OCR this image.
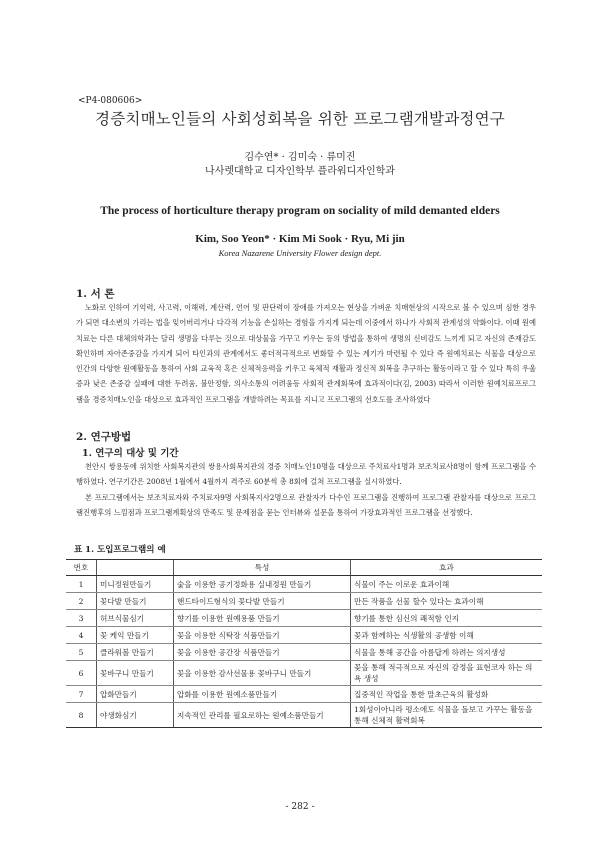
<P4-080606>
경증치매노인들의 사회성회복을 위한 프로그램개발과정연구
김수연* · 김미숙 · 류미진
나사렛대학교 디자인학부 플라워디자인학과
The process of horticulture therapy program on sociality of mild demanted elders
Kim, Soo Yeon* · Kim Mi Sook · Ryu, Mi jin
Korea Nazarene University Flower design dept.
1. 서 론

노화로 인하여 기억력, 사고력, 이해력, 계산력, 언어 및 판단력이 장애를 가져오는 현상을 가벼운 치매현상의 시작으로 볼 수 있으며 심한 경우가 되면 대소변의 가리는 법을 잊어버리거나 다각적 기능을 손실하는 경험을 가지게 되는데 이중에서 하나가 사회적 관계성의 약화이다. 이때 원예치료는 다른 대체의학과는 달리 생명을 다루는 것으로 대상물을 가꾸고 키우는 등의 방법을 통하여 생명의 신비감도 느끼게 되고 자신의 존재감도 확인하며 자아존중감을 가지게 되어 타인과의 관계에서도 좋더적극적으로 변화할 수 있는 계기가 마련될 수 있다 즉 원예치료는 식물을 대상으로 인간의 다양한 원예활동을 통하여 사회 교육적 혹은 신체적응력을 키우고 육체적 재활과 정신적 회복을 추구하는 활동이라고 할 수 있다 특히 우울증과 낮은 존중감 실패에 대한 두려움, 불안정함, 의사소통의 어려움등 사회적 관계회복에 효과적이다(김, 2003) 따라서 이러한 원예치료프로그램을 경증치매노인을 대상으로 효과적인 프로그램을 개발하려는 목표를 지니고 프로그램의 선호도를 조사하였다

2. 연구방법
1. 연구의 대상 및 기간

천안시 쌍용동에 위치한 사회복지관의 쌍용사회복지관의 경증 치매노인10명을 대상으로 주치료사1명과 보조치료사8명이 함께 프로그램을 수행하였다. 연구기간은 2008년 1월에서 4월까지 격주로 60분씩 총 8회에 걸쳐 프로그램을 실시하였다.

본 프로그램에서는 보조치료자와 주치료자9명 사회복지사2명으로 관찰자가 다수인 프로그램을 진행하여 프로그램 관찰자를 대상으로 프로그램진행후의 느낌점과 프로그램계획상의 만족도 및 문제점을 묻는 인터뷰와 설문을 통하여 가장효과적인 프로그램을 선정했다.

표 1. 도입프로그램의 예
번호		특성	효과
1	미니정원만들기	숯을 이용한 공기정화용 실내정원 만들기	식물이 주는 이로운 효과이해
2	꽃다발 만들기	핸드타이드형식의 꽃다발 만들기	만든 작품을 선물 할수 있다는 효과이해
3	허브식물심기	향기를 이용한 원예용품 만들기	향기를 통한 심신의 쾌적함 인지
4	꽃 케익 만들기	꽃을 이용한 식탁장 식품만들기	꽃과 함께하는 식생활의 공생함 이해
5	클라워볼 만들기	꽃을 이용한 공간장 식품만들기	식물을 통해 공간을 아름답게 하려는 의지생성
6	꽃바구니 만들기	꽃을 이용한 감사선물용 꽃바구니 만들기	꽃을 통해 적극적으로 자신의 감정을 표현코자 하는 의욕 생성
7	압화만들기	압화를 이용한 원예소품만들기	집중적인 작업을 통한 말초근육의 활성화
8	야생화심기	지속적인 관리를 필요로하는 원예소품만들기	1회성이아니라 평소에도 식물을 돌보고 가꾸는 활동을 통해 신체적 활력회복
- 282 -
